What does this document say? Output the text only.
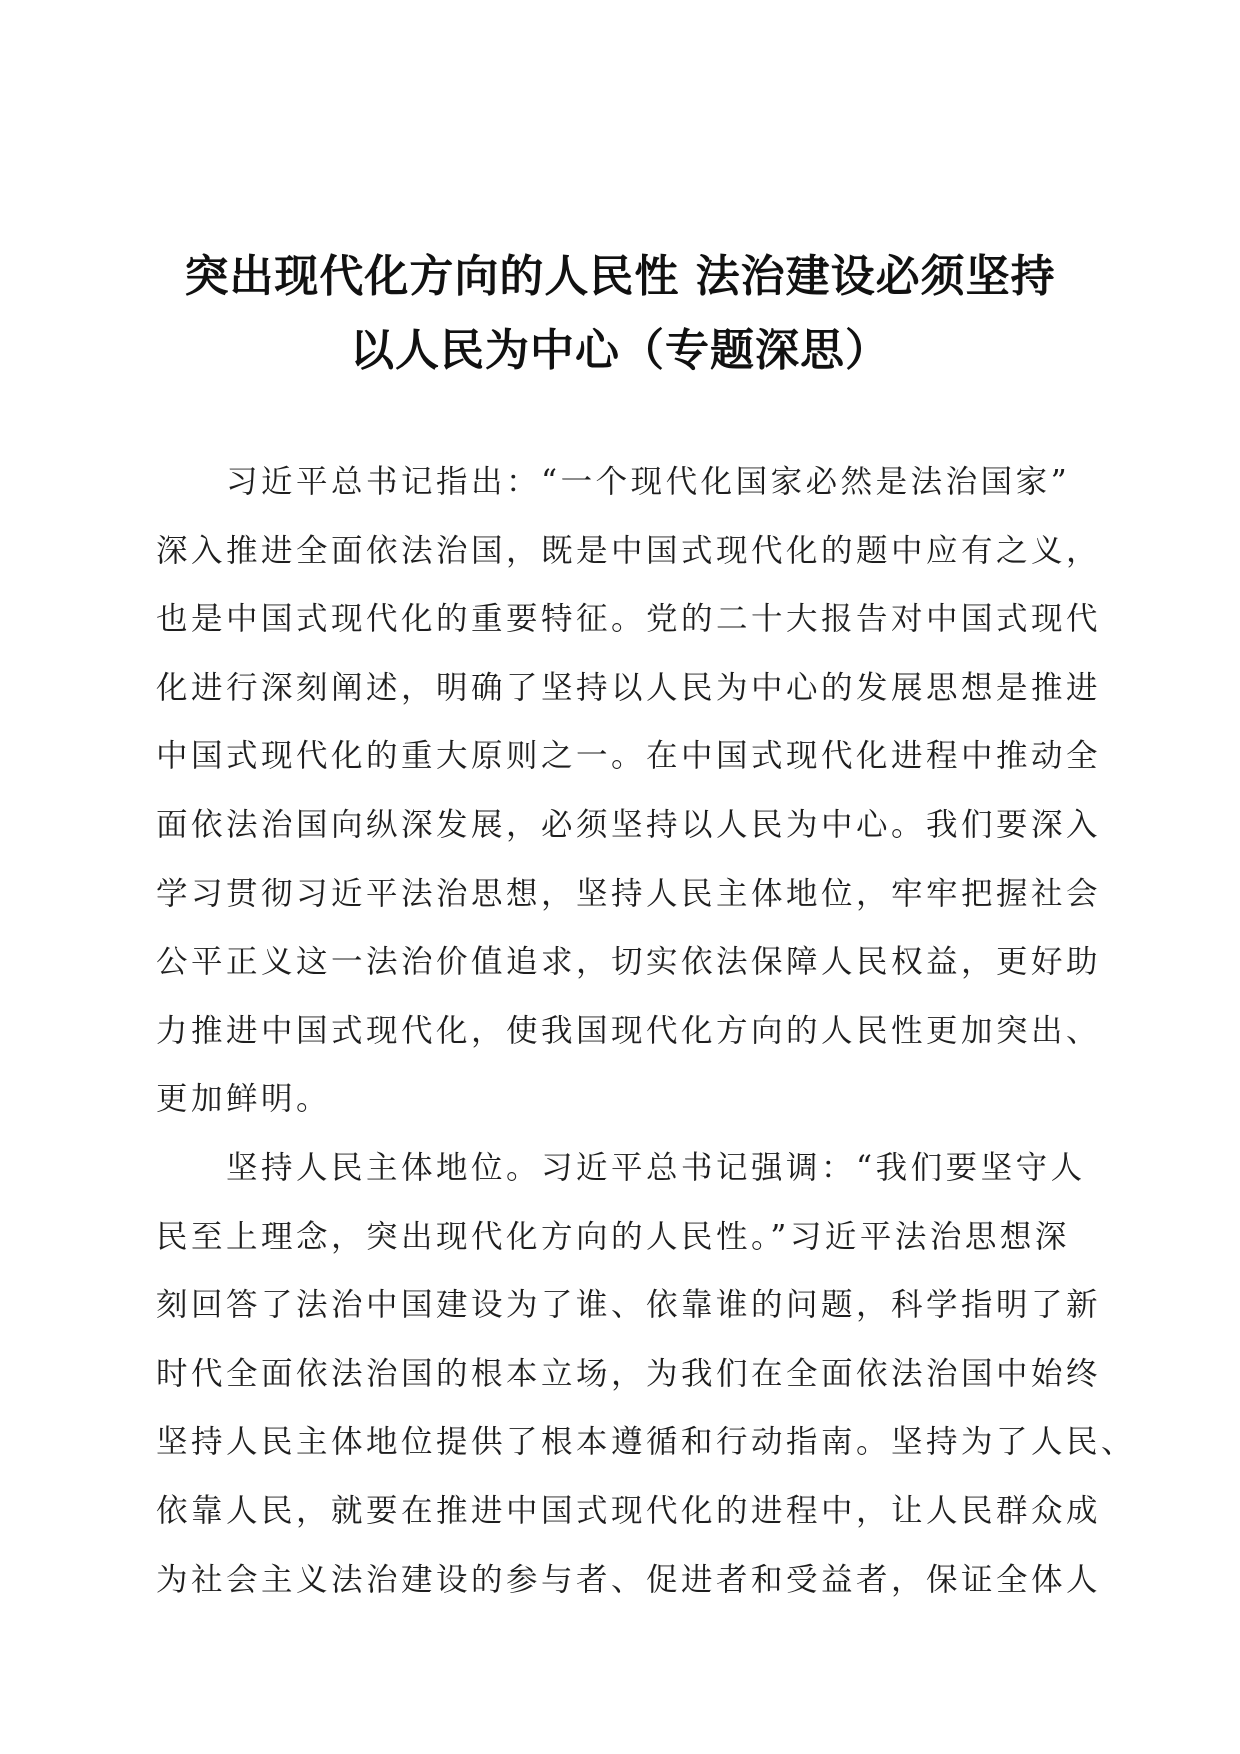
突出现代化方向的人民性 法治建设必须坚持
以人民为中心（专题深思）
习近平总书记指出：“一个现代化国家必然是法治国家”
深入推进全面依法治国，既是中国式现代化的题中应有之义，
也是中国式现代化的重要特征。党的二十大报告对中国式现代
化进行深刻阐述，明确了坚持以人民为中心的发展思想是推进
中国式现代化的重大原则之一。在中国式现代化进程中推动全
面依法治国向纵深发展，必须坚持以人民为中心。我们要深入
学习贯彻习近平法治思想，坚持人民主体地位，牢牢把握社会
公平正义这一法治价值追求，切实依法保障人民权益，更好助
力推进中国式现代化，使我国现代化方向的人民性更加突出、
更加鲜明。
坚持人民主体地位。习近平总书记强调：“我们要坚守人
民至上理念，突出现代化方向的人民性。”习近平法治思想深
刻回答了法治中国建设为了谁、依靠谁的问题，科学指明了新
时代全面依法治国的根本立场，为我们在全面依法治国中始终
坚持人民主体地位提供了根本遵循和行动指南。坚持为了人民、
依靠人民，就要在推进中国式现代化的进程中，让人民群众成
为社会主义法治建设的参与者、促进者和受益者，保证全体人
